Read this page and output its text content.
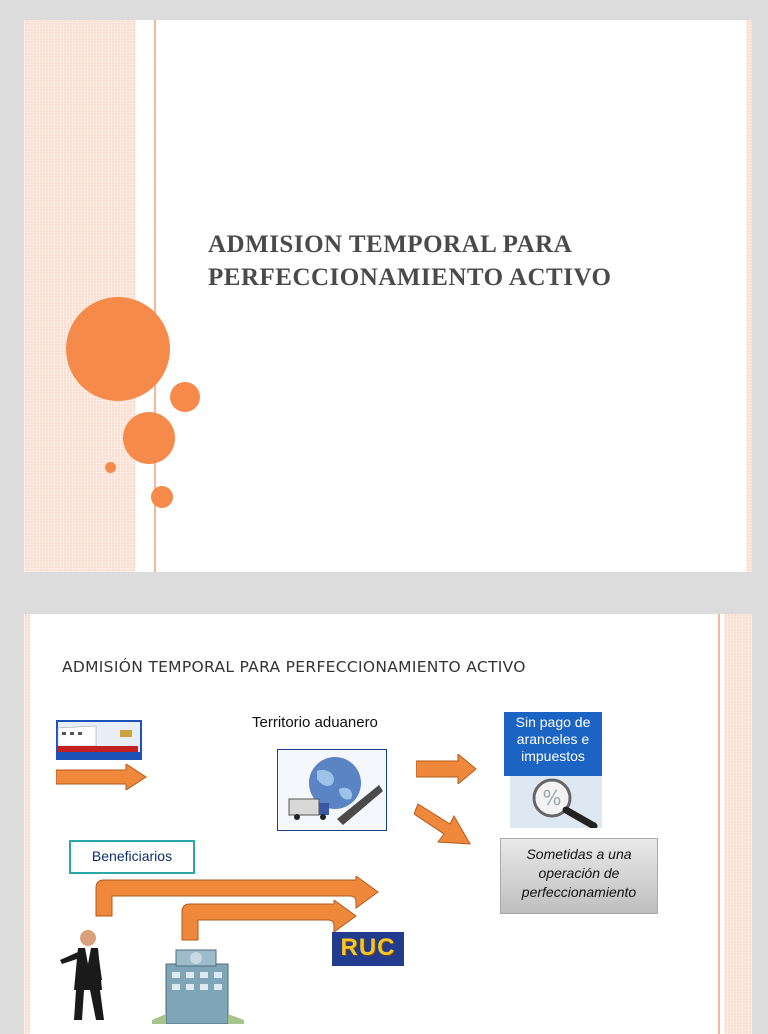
ADMISION TEMPORAL PARA
PERFECCIONAMIENTO ACTIVO
ADMISIÓN TEMPORAL PARA PERFECCIONAMIENTO ACTIVO
Territorio aduanero	Sin pago de
aranceles e
impuestos
%
Sometidas a una
operación de
perfeccionamiento
Beneficiarios
RUC
